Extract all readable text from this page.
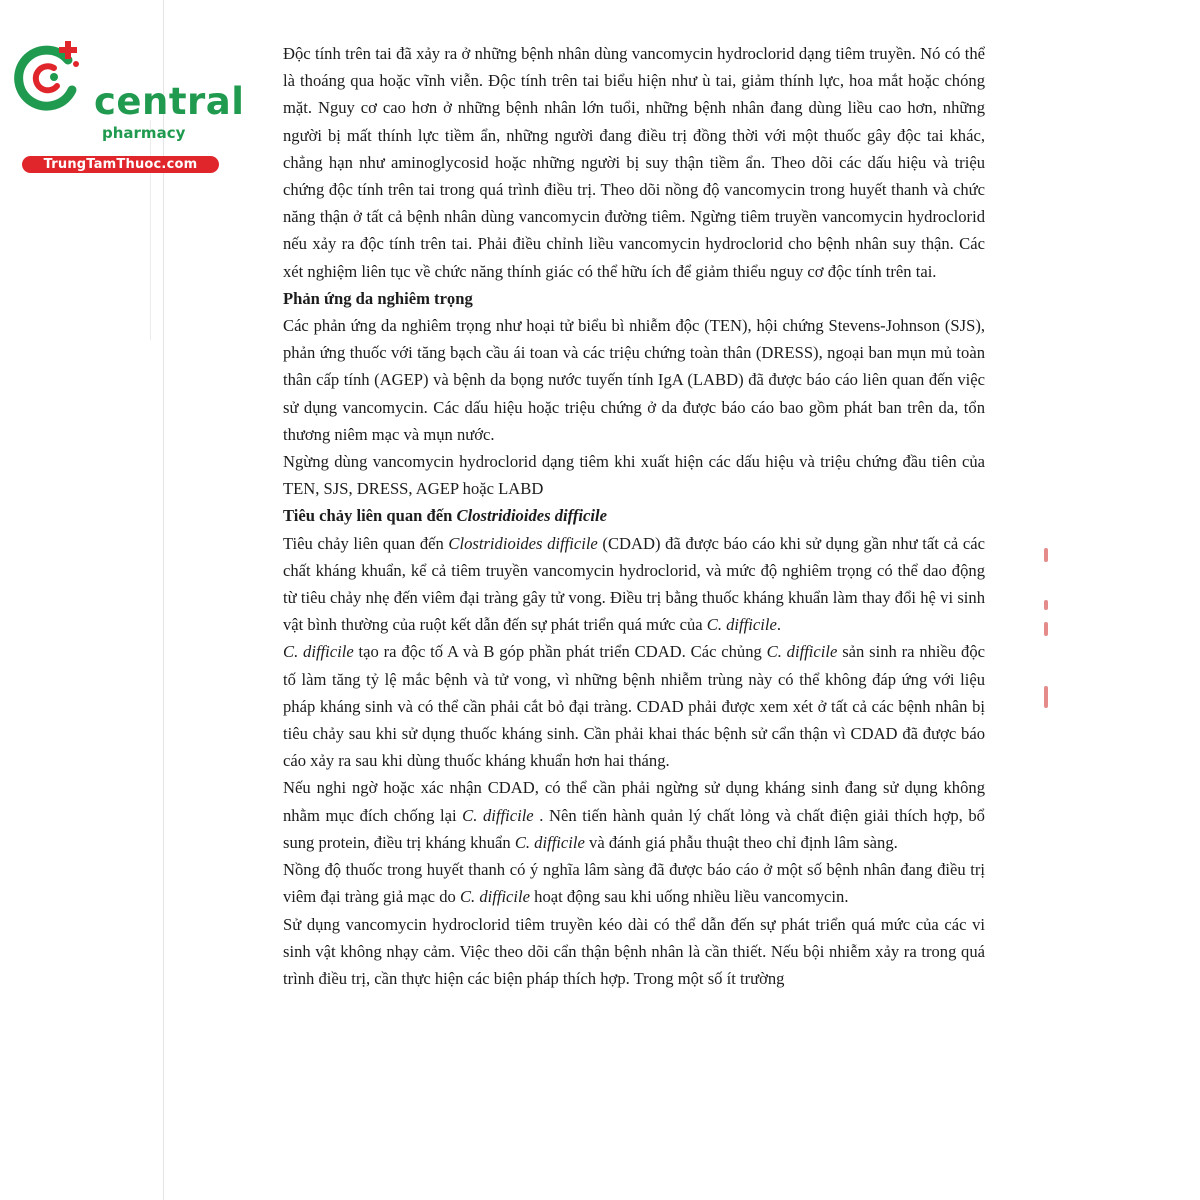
central
pharmacy
TrungTamThuoc.com

Độc tính trên tai đã xảy ra ở những bệnh nhân dùng vancomycin hydroclorid dạng tiêm truyền. Nó có thể là thoáng qua hoặc vĩnh viễn. Độc tính trên tai biểu hiện như ù tai, giảm thính lực, hoa mắt hoặc chóng mặt. Nguy cơ cao hơn ở những bệnh nhân lớn tuổi, những bệnh nhân đang dùng liều cao hơn, những người bị mất thính lực tiềm ẩn, những người đang điều trị đồng thời với một thuốc gây độc tai khác, chẳng hạn như aminoglycosid hoặc những người bị suy thận tiềm ẩn. Theo dõi các dấu hiệu và triệu chứng độc tính trên tai trong quá trình điều trị. Theo dõi nồng độ vancomycin trong huyết thanh và chức năng thận ở tất cả bệnh nhân dùng vancomycin đường tiêm. Ngừng tiêm truyền vancomycin hydroclorid nếu xảy ra độc tính trên tai. Phải điều chỉnh liều vancomycin hydroclorid cho bệnh nhân suy thận. Các xét nghiệm liên tục về chức năng thính giác có thể hữu ích để giảm thiểu nguy cơ độc tính trên tai.

Phản ứng da nghiêm trọng

Các phản ứng da nghiêm trọng như hoại tử biểu bì nhiễm độc (TEN), hội chứng Stevens-Johnson (SJS), phản ứng thuốc với tăng bạch cầu ái toan và các triệu chứng toàn thân (DRESS), ngoại ban mụn mủ toàn thân cấp tính (AGEP) và bệnh da bọng nước tuyến tính IgA (LABD) đã được báo cáo liên quan đến việc sử dụng vancomycin. Các dấu hiệu hoặc triệu chứng ở da được báo cáo bao gồm phát ban trên da, tổn thương niêm mạc và mụn nước.

Ngừng dùng vancomycin hydroclorid dạng tiêm khi xuất hiện các dấu hiệu và triệu chứng đầu tiên của TEN, SJS, DRESS, AGEP hoặc LABD

Tiêu chảy liên quan đến Clostridioides difficile

Tiêu chảy liên quan đến Clostridioides difficile (CDAD) đã được báo cáo khi sử dụng gần như tất cả các chất kháng khuẩn, kể cả tiêm truyền vancomycin hydroclorid, và mức độ nghiêm trọng có thể dao động từ tiêu chảy nhẹ đến viêm đại tràng gây tử vong. Điều trị bằng thuốc kháng khuẩn làm thay đổi hệ vi sinh vật bình thường của ruột kết dẫn đến sự phát triển quá mức của C. difficile.

C. difficile tạo ra độc tố A và B góp phần phát triển CDAD. Các chủng C. difficile sản sinh ra nhiều độc tố làm tăng tỷ lệ mắc bệnh và tử vong, vì những bệnh nhiễm trùng này có thể không đáp ứng với liệu pháp kháng sinh và có thể cần phải cắt bỏ đại tràng. CDAD phải được xem xét ở tất cả các bệnh nhân bị tiêu chảy sau khi sử dụng thuốc kháng sinh. Cần phải khai thác bệnh sử cẩn thận vì CDAD đã được báo cáo xảy ra sau khi dùng thuốc kháng khuẩn hơn hai tháng.

Nếu nghi ngờ hoặc xác nhận CDAD, có thể cần phải ngừng sử dụng kháng sinh đang sử dụng không nhằm mục đích chống lại C. difficile . Nên tiến hành quản lý chất lỏng và chất điện giải thích hợp, bổ sung protein, điều trị kháng khuẩn C. difficile và đánh giá phẫu thuật theo chỉ định lâm sàng.

Nồng độ thuốc trong huyết thanh có ý nghĩa lâm sàng đã được báo cáo ở một số bệnh nhân đang điều trị viêm đại tràng giả mạc do C. difficile hoạt động sau khi uống nhiều liều vancomycin.

Sử dụng vancomycin hydroclorid tiêm truyền kéo dài có thể dẫn đến sự phát triển quá mức của các vi sinh vật không nhạy cảm. Việc theo dõi cẩn thận bệnh nhân là cần thiết. Nếu bội nhiễm xảy ra trong quá trình điều trị, cần thực hiện các biện pháp thích hợp. Trong một số ít trường
